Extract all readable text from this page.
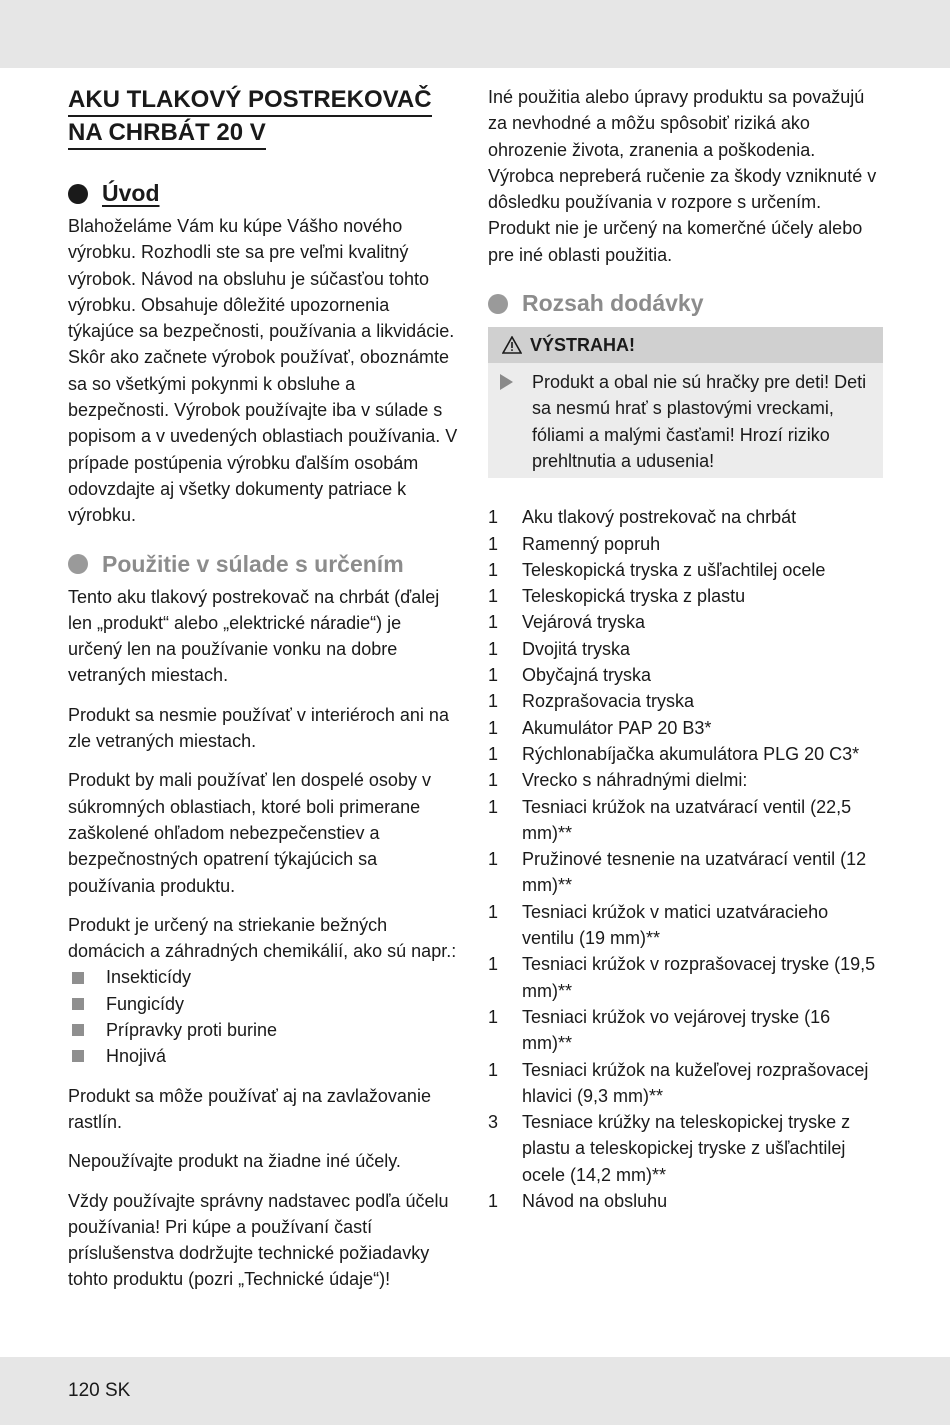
AKU TLAKOVÝ POSTREKOVAČ
NA CHRBÁT 20 V
Úvod

Blahoželáme Vám ku kúpe Vášho nového výrobku. Rozhodli ste sa pre veľmi kvalitný výrobok. Návod na obsluhu je súčasťou tohto výrobku. Obsahuje dôležité upozornenia týkajúce sa bezpečnosti, používania a likvidácie. Skôr ako začnete výrobok používať, oboznámte sa so všetkými pokynmi k obsluhe a bezpečnosti. Výrobok používajte iba v súlade s popisom a v uvedených oblastiach používania. V prípade postúpenia výrobku ďalším osobám odovzdajte aj všetky dokumenty patriace k výrobku.

Použitie v súlade s určením

Tento aku tlakový postrekovač na chrbát (ďalej len „produkt“ alebo „elektrické náradie“) je určený len na používanie vonku na dobre vetraných miestach.

Produkt sa nesmie používať v interiéroch ani na zle vetraných miestach.

Produkt by mali používať len dospelé osoby v súkromných oblastiach, ktoré boli primerane zaškolené ohľadom nebezpečenstiev a bezpečnostných opatrení týkajúcich sa používania produktu.

Produkt je určený na striekanie bežných domácich a záhradných chemikálií, ako sú napr.:

Insekticídy
Fungicídy
Prípravky proti burine
Hnojivá

Produkt sa môže používať aj na zavlažovanie rastlín.

Nepoužívajte produkt na žiadne iné účely.

Vždy používajte správny nadstavec podľa účelu používania! Pri kúpe a používaní častí príslušenstva dodržujte technické požiadavky tohto produktu (pozri „Technické údaje“)!

Iné použitia alebo úpravy produktu sa považujú za nevhodné a môžu spôsobiť riziká ako ohrozenie života, zranenia a poškodenia. Výrobca nepreberá ručenie za škody vzniknuté v dôsledku používania v rozpore s určením. Produkt nie je určený na komerčné účely alebo pre iné oblasti použitia.

Rozsah dodávky
VÝSTRAHA!
Produkt a obal nie sú hračky pre deti! Deti sa nesmú hrať s plastovými vreckami, fóliami a malými časťami! Hrozí riziko prehltnutia a udusenia!
1	Aku tlakový postrekovač na chrbát
1	Ramenný popruh
1	Teleskopická tryska z ušľachtilej ocele
1	Teleskopická tryska z plastu
1	Vejárová tryska
1	Dvojitá tryska
1	Obyčajná tryska
1	Rozprašovacia tryska
1	Akumulátor PAP 20 B3*
1	Rýchlonabíjačka akumulátora PLG 20 C3*
1	Vrecko s náhradnými dielmi:
1	Tesniaci krúžok na uzatvárací ventil (22,5 mm)**
1	Pružinové tesnenie na uzatvárací ventil (12 mm)**
1	Tesniaci krúžok v matici uzatváracieho ventilu (19 mm)**
1	Tesniaci krúžok v rozprašovacej tryske (19,5 mm)**
1	Tesniaci krúžok vo vejárovej tryske (16 mm)**
1	Tesniaci krúžok na kužeľovej rozprašovacej hlavici (9,3 mm)**
3	Tesniace krúžky na teleskopickej tryske z plastu a teleskopickej tryske z ušľachtilej ocele (14,2 mm)**
1	Návod na obsluhu
120 SK
